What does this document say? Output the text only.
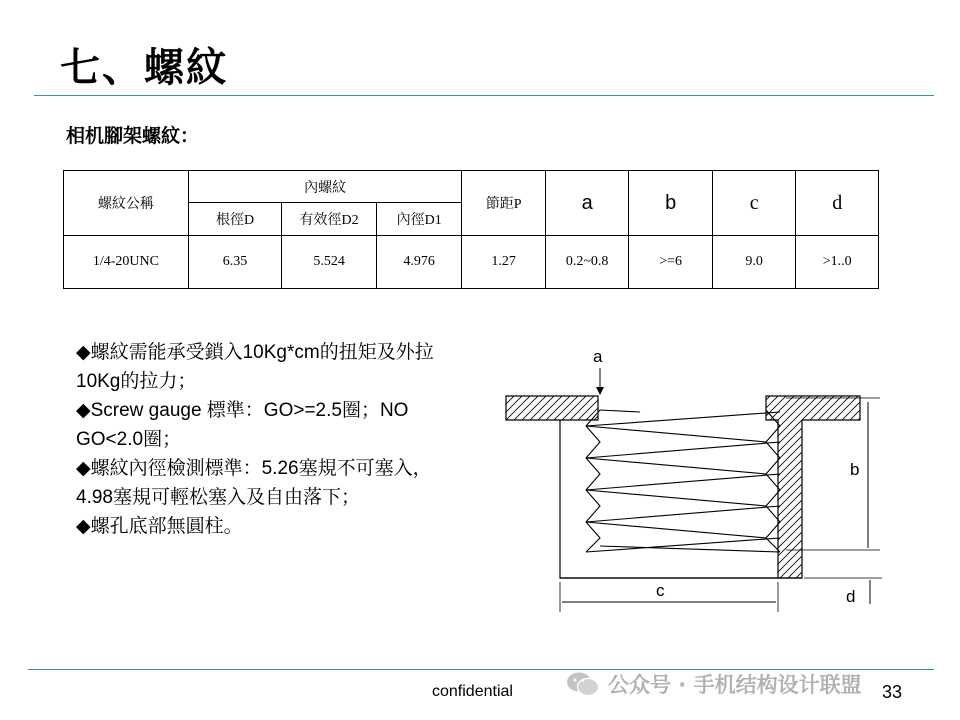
七、螺紋
相机腳架螺紋：
螺紋公稱	內螺紋			節距P	a	b	c	d
	根徑D	有效徑D2	內徑D1					
1/4-20UNC	6.35	5.524	4.976	1.27	0.2~0.8	>=6	9.0	>1..0

◆螺紋需能承受鎖入10Kg*cm的扭矩及外拉10Kg的拉力；

◆Screw gauge 標準：GO>=2.5圈；NO GO<2.0圈；

◆螺紋內徑檢測標準：5.26塞規不可塞入，4.98塞規可輕松塞入及自由落下；

◆螺孔底部無圓柱。

a
b
c	d
confidential	公众号 · 手机结构设计联盟 33
